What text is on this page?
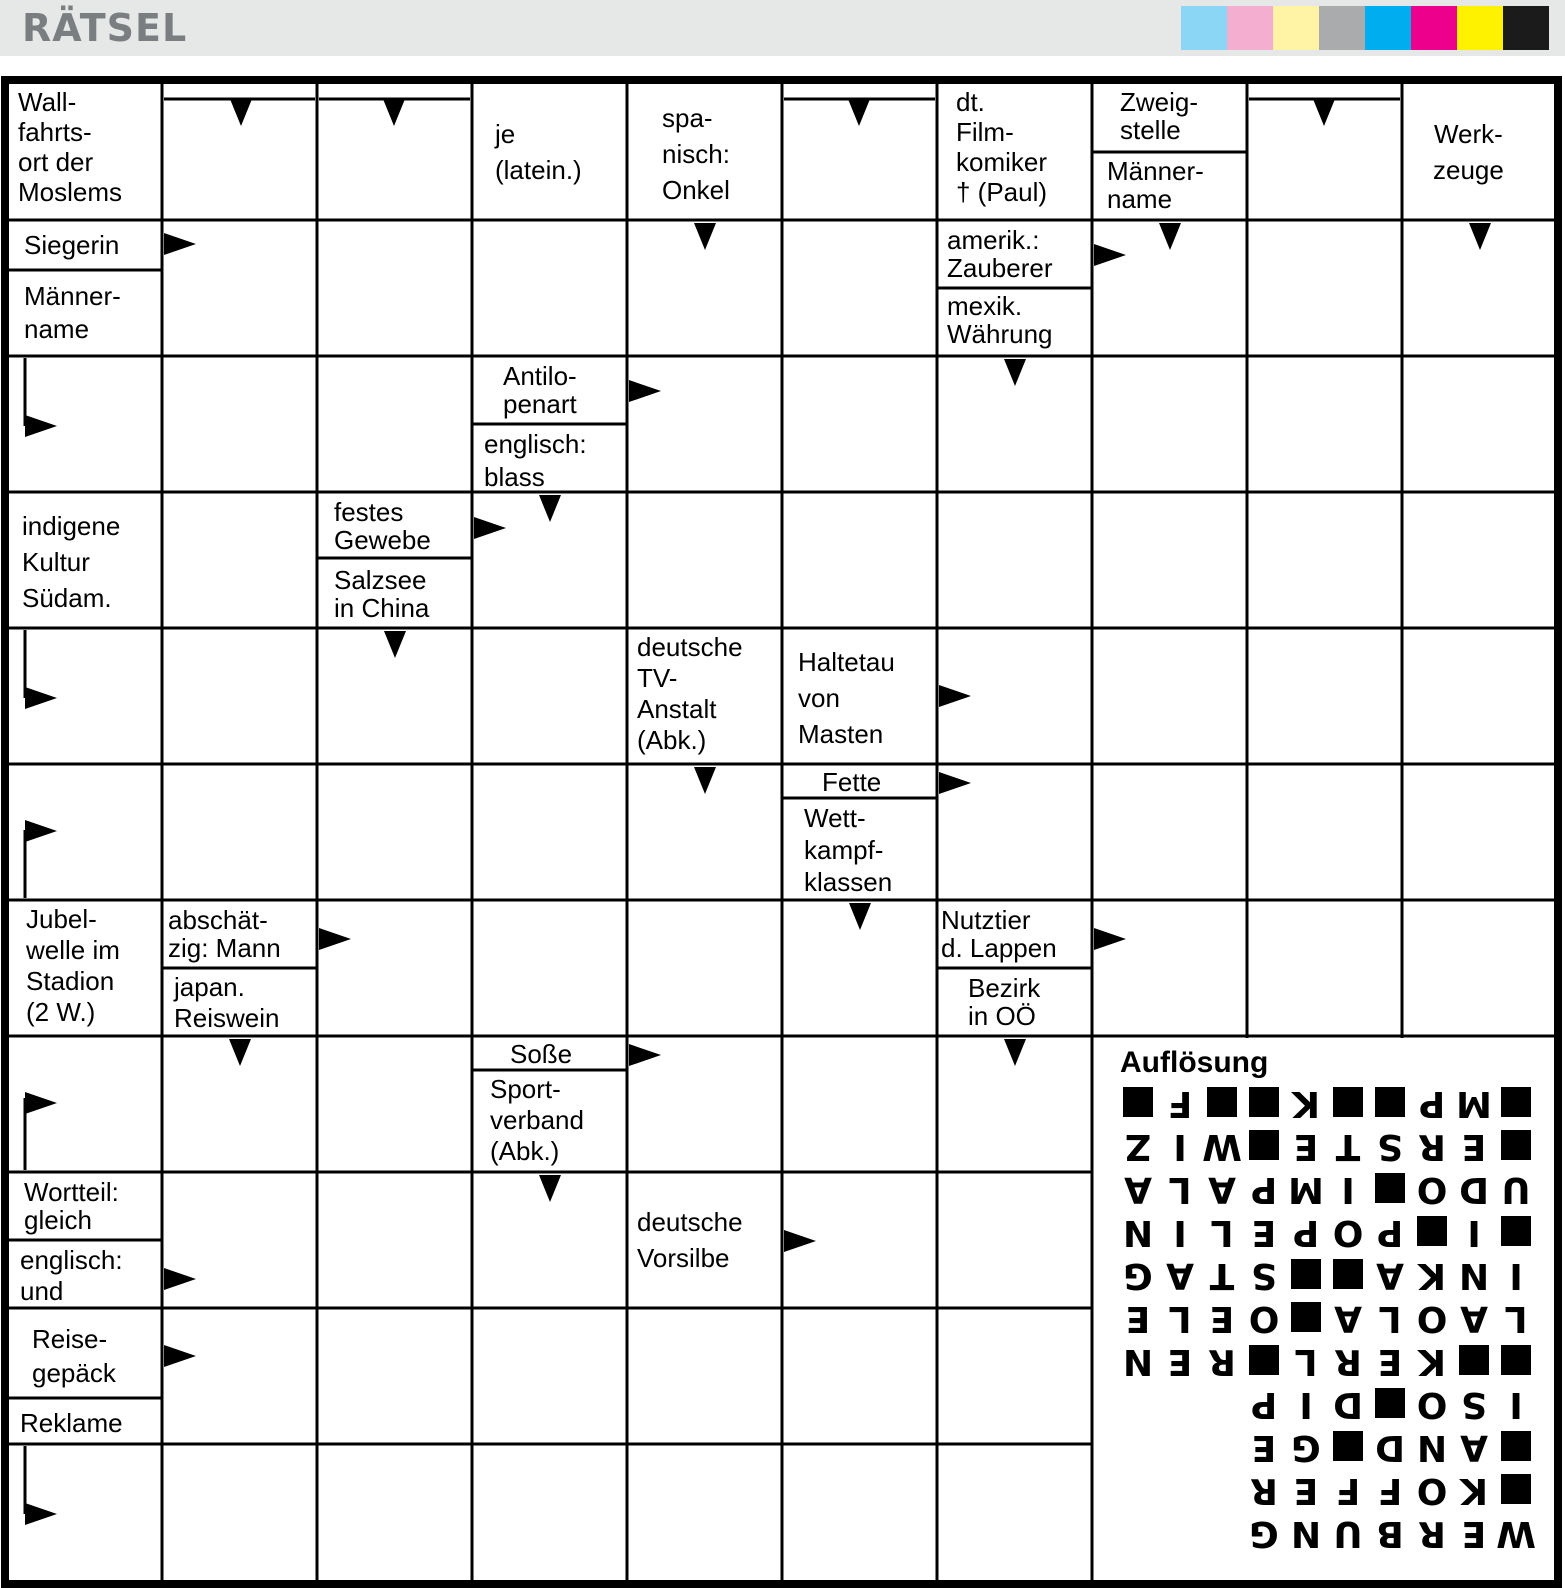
RÄTSEL
Wall-
fahrts-
ort der
Moslems
je
(latein.)
spa-
nisch:
Onkel
dt.
Film-
komiker
† (Paul)
Zweig-
stelle
Männer-
name
Werk-
zeuge
Siegerin
Männer-
name
amerik.:
Zauberer
mexik.
Währung
Antilo-
penart
englisch:
blass
indigene
Kultur
Südam.
festes
Gewebe
Salzsee
in China
deutsche
TV-
Anstalt
(Abk.)
Haltetau
von
Masten
Fette
Wett-
kampf-
klassen
Jubel-
welle im
Stadion
(2 W.)
abschät-
zig: Mann
japan.
Reiswein
Nutztier
d. Lappen
Bezirk
in OÖ
Soße
Sport-
verband
(Abk.)
Wortteil:
gleich
englisch:
und
deutsche
Vorsilbe
Reise-
gepäck
Reklame
Auflösung
W
E
R
B
U
N
G
K
O
F
F
E
R
A
N
D
G
E
I
S
O
D
I
P
K
E
R
L
R
E
N
L
A
O
L
A
O
E
L
E
I
N
K
A
S
T
A
G
I
P
O
P
E
L
I
N
U
D
O
I
M
P
A
L
A
E
R
S
T
E
W
I
Z
M
P
K
F
